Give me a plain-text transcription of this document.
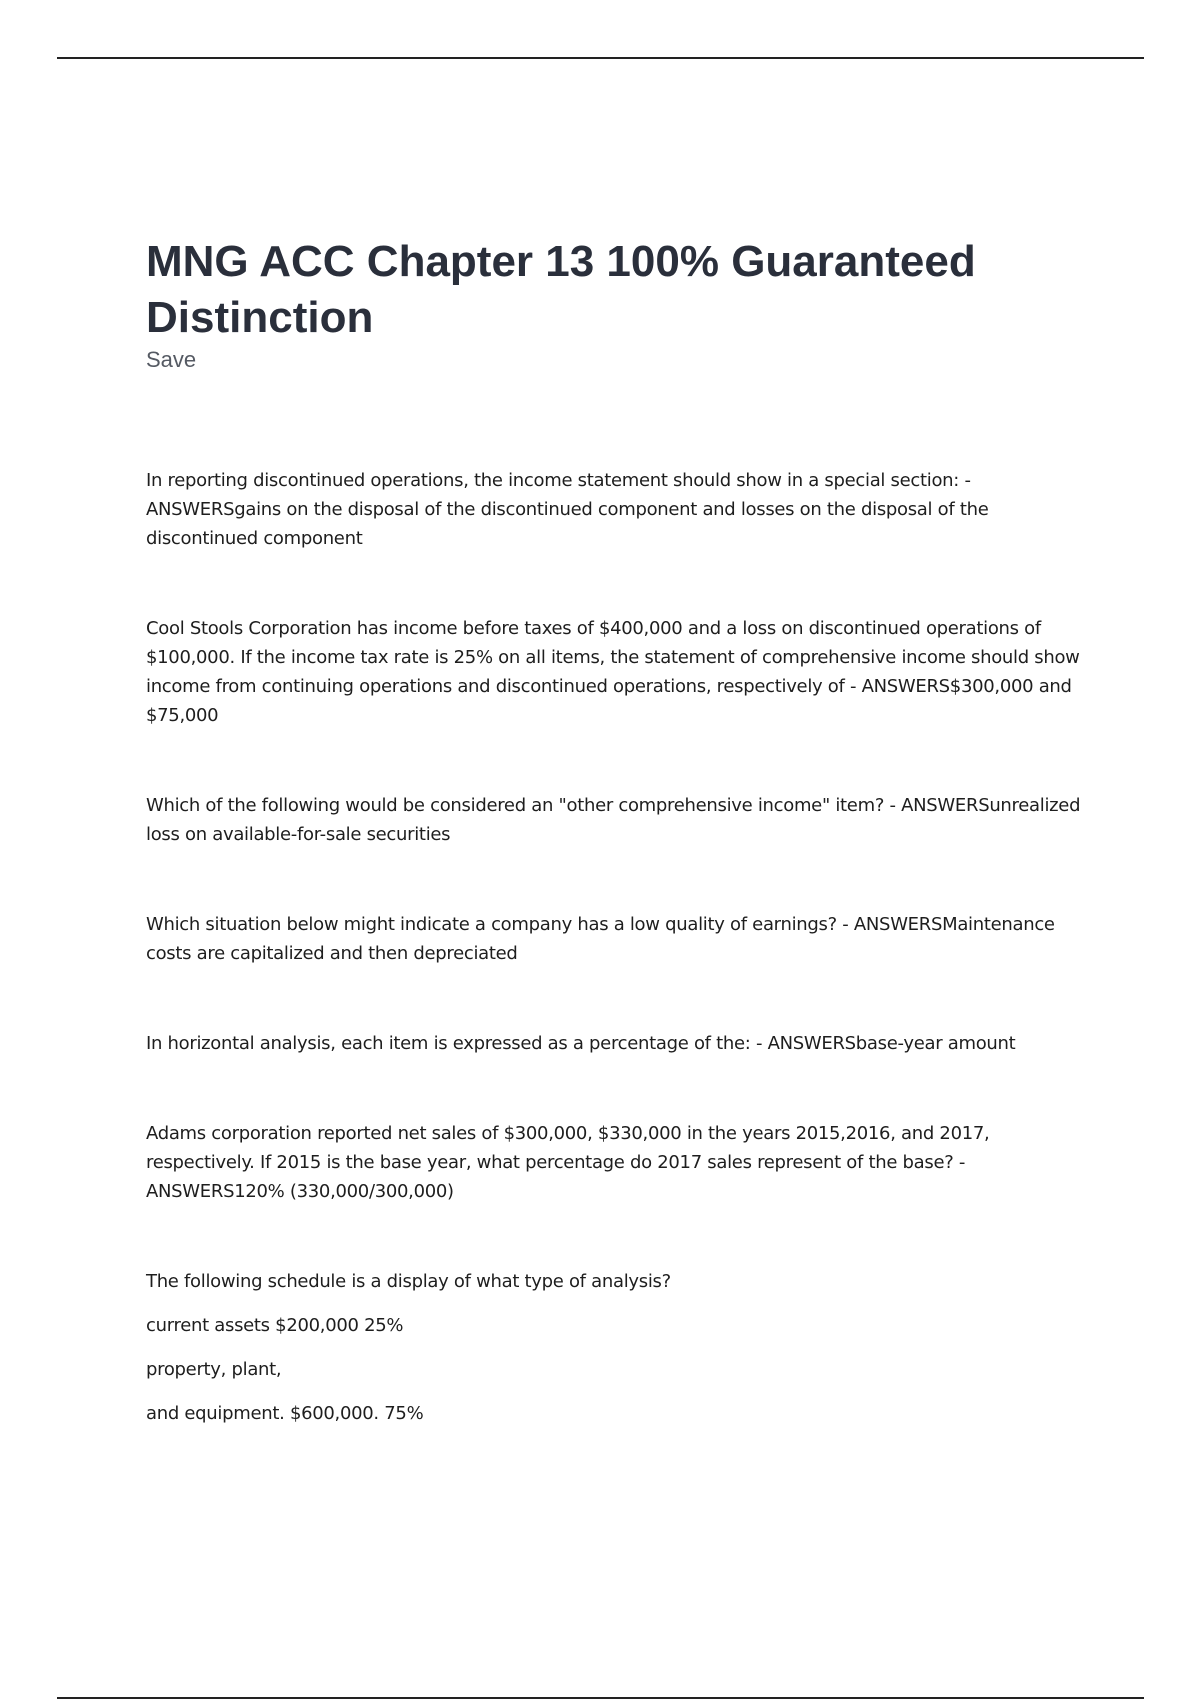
MNG ACC Chapter 13 100% Guaranteed Distinction
Save

In reporting discontinued operations, the income statement should show in a special section: - ANSWERSgains on the disposal of the discontinued component and losses on the disposal of the discontinued component

Cool Stools Corporation has income before taxes of $400,000 and a loss on discontinued operations of $100,000. If the income tax rate is 25% on all items, the statement of comprehensive income should show income from continuing operations and discontinued operations, respectively of - ANSWERS$300,000 and $75,000

Which of the following would be considered an "other comprehensive income" item? - ANSWERSunrealized loss on available-for-sale securities

Which situation below might indicate a company has a low quality of earnings? - ANSWERSMaintenance costs are capitalized and then depreciated

In horizontal analysis, each item is expressed as a percentage of the: - ANSWERSbase-year amount

Adams corporation reported net sales of $300,000, $330,000 in the years 2015,2016, and 2017, respectively. If 2015 is the base year, what percentage do 2017 sales represent of the base? - ANSWERS120% (330,000/300,000)

The following schedule is a display of what type of analysis?

current assets $200,000 25%

property, plant,

and equipment. $600,000. 75%
